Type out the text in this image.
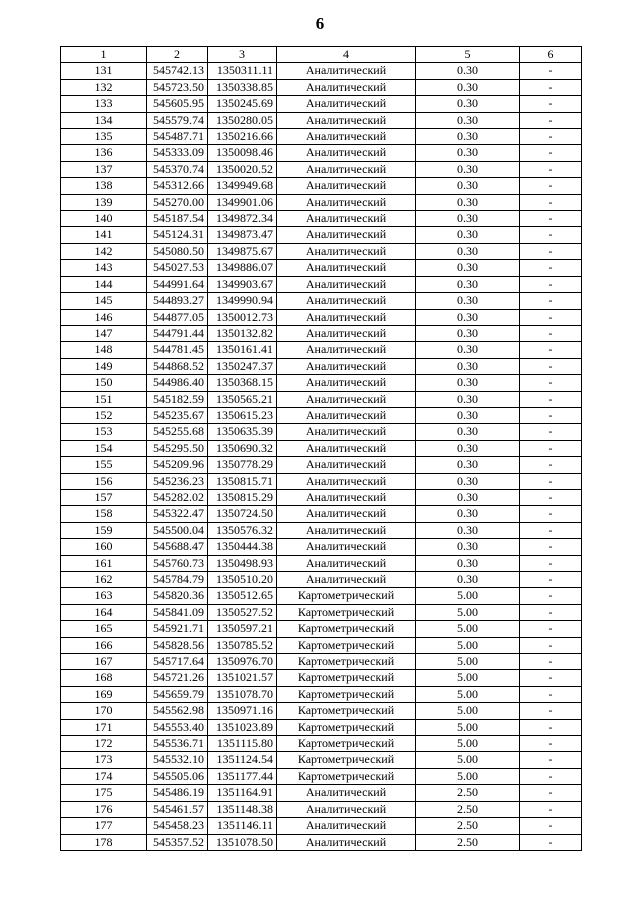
6
1	2	3	4	5	6
131	545742.13	1350311.11	Аналитический	0.30	-
132	545723.50	1350338.85	Аналитический	0.30	-
133	545605.95	1350245.69	Аналитический	0.30	-
134	545579.74	1350280.05	Аналитический	0.30	-
135	545487.71	1350216.66	Аналитический	0.30	-
136	545333.09	1350098.46	Аналитический	0.30	-
137	545370.74	1350020.52	Аналитический	0.30	-
138	545312.66	1349949.68	Аналитический	0.30	-
139	545270.00	1349901.06	Аналитический	0.30	-
140	545187.54	1349872.34	Аналитический	0.30	-
141	545124.31	1349873.47	Аналитический	0.30	-
142	545080.50	1349875.67	Аналитический	0.30	-
143	545027.53	1349886.07	Аналитический	0.30	-
144	544991.64	1349903.67	Аналитический	0.30	-
145	544893.27	1349990.94	Аналитический	0.30	-
146	544877.05	1350012.73	Аналитический	0.30	-
147	544791.44	1350132.82	Аналитический	0.30	-
148	544781.45	1350161.41	Аналитический	0.30	-
149	544868.52	1350247.37	Аналитический	0.30	-
150	544986.40	1350368.15	Аналитический	0.30	-
151	545182.59	1350565.21	Аналитический	0.30	-
152	545235.67	1350615.23	Аналитический	0.30	-
153	545255.68	1350635.39	Аналитический	0.30	-
154	545295.50	1350690.32	Аналитический	0.30	-
155	545209.96	1350778.29	Аналитический	0.30	-
156	545236.23	1350815.71	Аналитический	0.30	-
157	545282.02	1350815.29	Аналитический	0.30	-
158	545322.47	1350724.50	Аналитический	0.30	-
159	545500.04	1350576.32	Аналитический	0.30	-
160	545688.47	1350444.38	Аналитический	0.30	-
161	545760.73	1350498.93	Аналитический	0.30	-
162	545784.79	1350510.20	Аналитический	0.30	-
163	545820.36	1350512.65	Картометрический	5.00	-
164	545841.09	1350527.52	Картометрический	5.00	-
165	545921.71	1350597.21	Картометрический	5.00	-
166	545828.56	1350785.52	Картометрический	5.00	-
167	545717.64	1350976.70	Картометрический	5.00	-
168	545721.26	1351021.57	Картометрический	5.00	-
169	545659.79	1351078.70	Картометрический	5.00	-
170	545562.98	1350971.16	Картометрический	5.00	-
171	545553.40	1351023.89	Картометрический	5.00	-
172	545536.71	1351115.80	Картометрический	5.00	-
173	545532.10	1351124.54	Картометрический	5.00	-
174	545505.06	1351177.44	Картометрический	5.00	-
175	545486.19	1351164.91	Аналитический	2.50	-
176	545461.57	1351148.38	Аналитический	2.50	-
177	545458.23	1351146.11	Аналитический	2.50	-
178	545357.52	1351078.50	Аналитический	2.50	-
